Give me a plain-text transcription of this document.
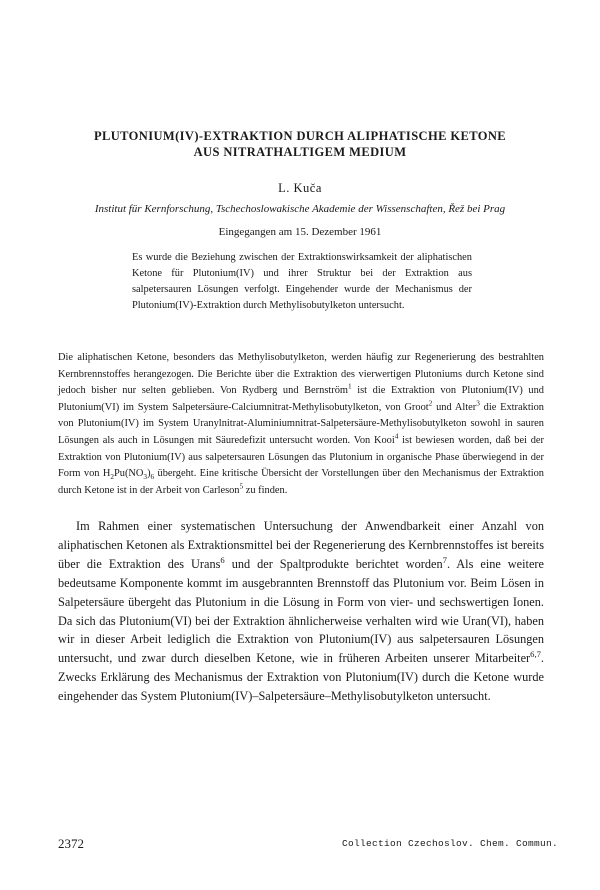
PLUTONIUM(IV)-EXTRAKTION DURCH ALIPHATISCHE KETONE
AUS NITRATHALTIGEM MEDIUM

L. Kuča

Institut für Kernforschung, Tschechoslowakische Akademie der Wissenschaften, Řež bei Prag

Eingegangen am 15. Dezember 1961

Es wurde die Beziehung zwischen der Extraktionswirksamkeit der aliphatischen Ketone für Plutonium(IV) und ihrer Struktur bei der Extraktion aus salpetersauren Lösungen verfolgt. Eingehender wurde der Mechanismus der Plutonium(IV)-Extraktion durch Methylisobutylketon untersucht.

Die aliphatischen Ketone, besonders das Methylisobutylketon, werden häufig zur Regenerierung des bestrahlten Kernbrennstoffes herangezogen. Die Berichte über die Extraktion des vierwertigen Plutoniums durch Ketone sind jedoch bisher nur selten geblieben. Von Rydberg und Bernström$^1$ ist die Extraktion von Plutonium(IV) und Plutonium(VI) im System Salpetersäure-Calciumnitrat-Methylisobutylketon, von Groot$^2$ und Alter$^3$ die Extraktion von Plutonium(IV) im System Uranylnitrat-Aluminiumnitrat-Salpetersäure-Methylisobutylketon sowohl in sauren Lösungen als auch in Lösungen mit Säuredefizit untersucht worden. Von Kooi$^4$ ist bewiesen worden, daß bei der Extraktion von Plutonium(IV) aus salpetersauren Lösungen das Plutonium in organische Phase überwiegend in der Form von $H_2Pu(NO_3)_6$ übergeht. Eine kritische Übersicht der Vorstellungen über den Mechanismus der Extraktion durch Ketone ist in der Arbeit von Carleson$^5$ zu finden.

Im Rahmen einer systematischen Untersuchung der Anwendbarkeit einer Anzahl von aliphatischen Ketonen als Extraktionsmittel bei der Regenerierung des Kernbrennstoffes ist bereits über die Extraktion des Urans$^6$ und der Spaltprodukte berichtet worden$^7$. Als eine weitere bedeutsame Komponente kommt im ausgebrannten Brennstoff das Plutonium vor. Beim Lösen in Salpetersäure übergeht das Plutonium in die Lösung in Form von vier- und sechswertigen Ionen. Da sich das Plutonium(VI) bei der Extraktion ähnlicherweise verhalten wird wie Uran(VI), haben wir in dieser Arbeit lediglich die Extraktion von Plutonium(IV) aus salpetersauren Lösungen untersucht, und zwar durch dieselben Ketone, wie in früheren Arbeiten unserer Mitarbeiter$^{6,7}$. Zwecks Erklärung des Mechanismus der Extraktion von Plutonium(IV) durch die Ketone wurde eingehender das System Plutonium(IV)–Salpetersäure–Methylisobutylketon untersucht.

2372	Collection Czechoslov. Chem. Commun.
